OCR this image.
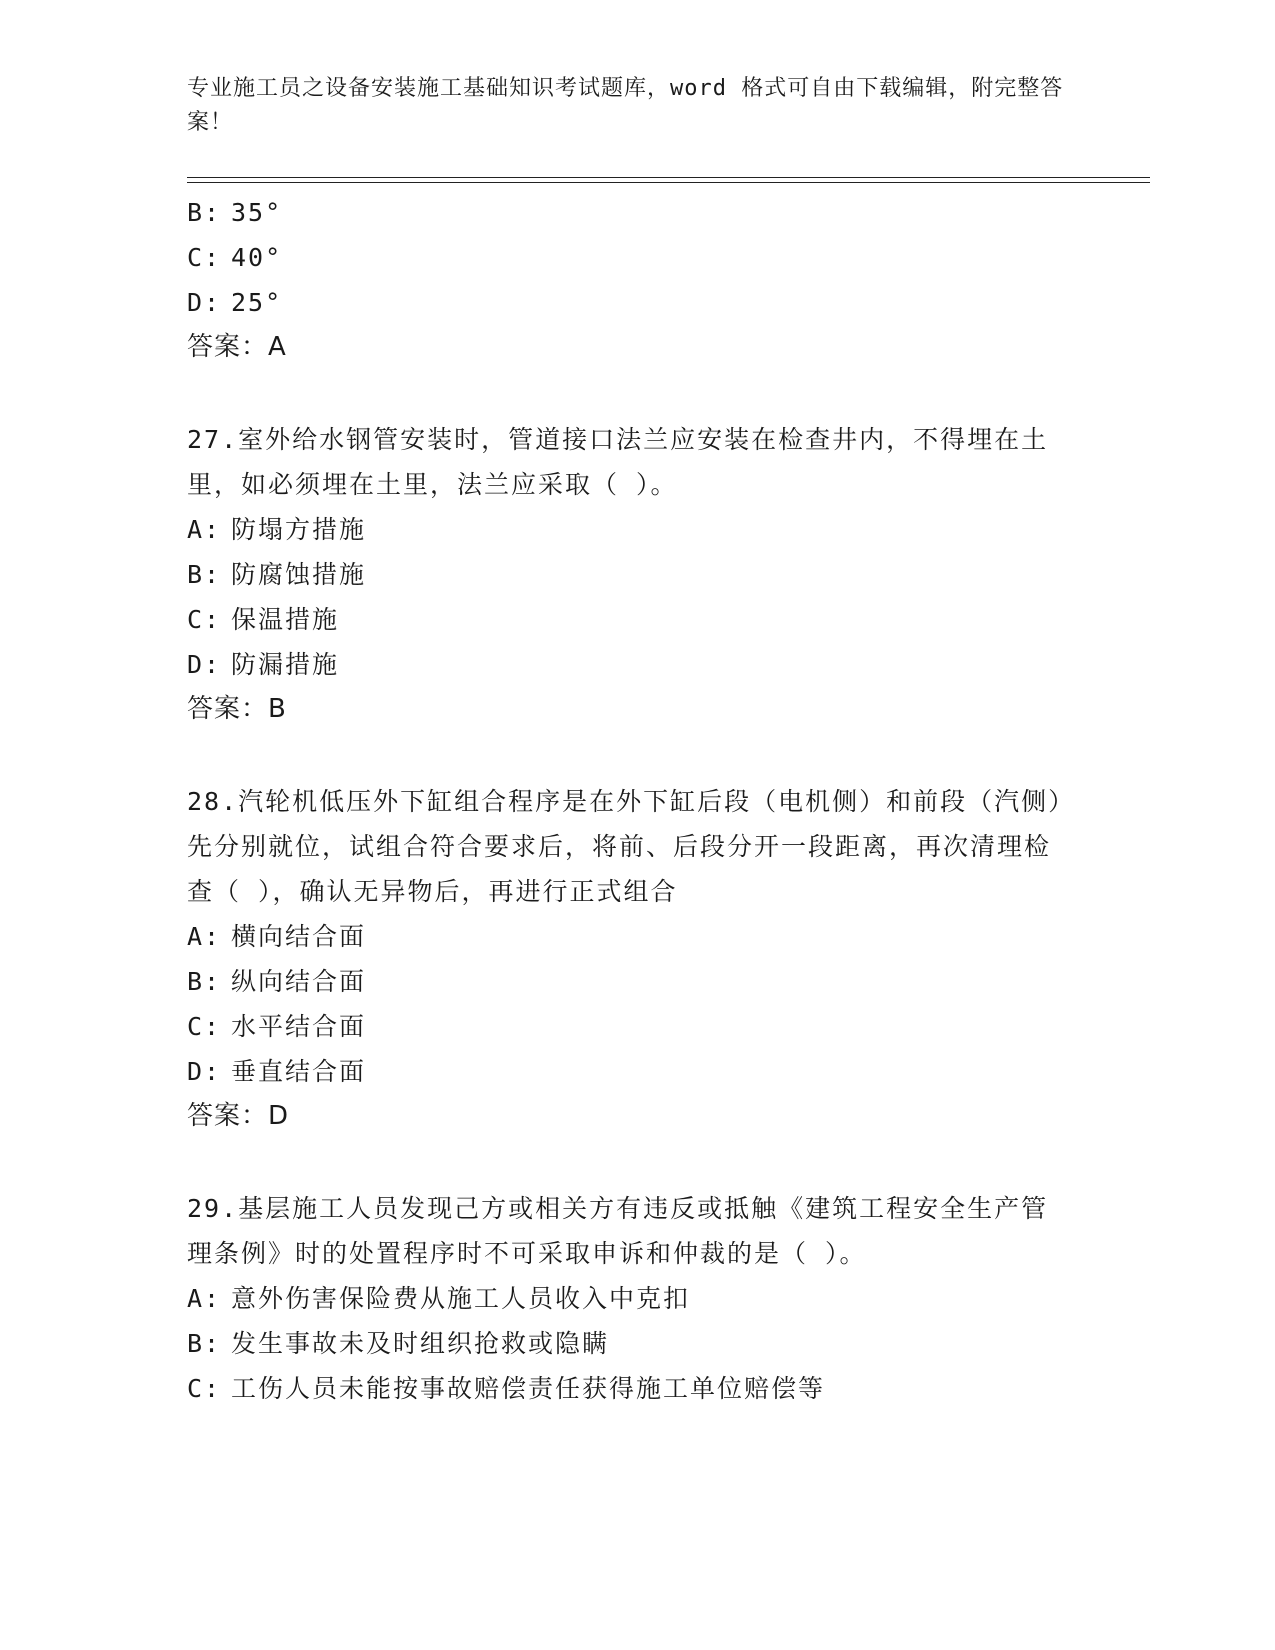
专业施工员之设备安装施工基础知识考试题库，word 格式可自由下载编辑，附完整答案！
B: 35°
C: 40°
D: 25°
答案：A
27.室外给水钢管安装时，管道接口法兰应安装在检查井内，不得埋在土里，如必须埋在土里，法兰应采取（ ）。
A: 防塌方措施
B: 防腐蚀措施
C: 保温措施
D: 防漏措施
答案：B
28.汽轮机低压外下缸组合程序是在外下缸后段（电机侧）和前段（汽侧）先分别就位，试组合符合要求后，将前、后段分开一段距离，再次清理检查（ ），确认无异物后，再进行正式组合
A: 横向结合面
B: 纵向结合面
C: 水平结合面
D: 垂直结合面
答案：D
29.基层施工人员发现己方或相关方有违反或抵触《建筑工程安全生产管理条例》时的处置程序时不可采取申诉和仲裁的是（ ）。
A: 意外伤害保险费从施工人员收入中克扣
B: 发生事故未及时组织抢救或隐瞒
C: 工伤人员未能按事故赔偿责任获得施工单位赔偿等
